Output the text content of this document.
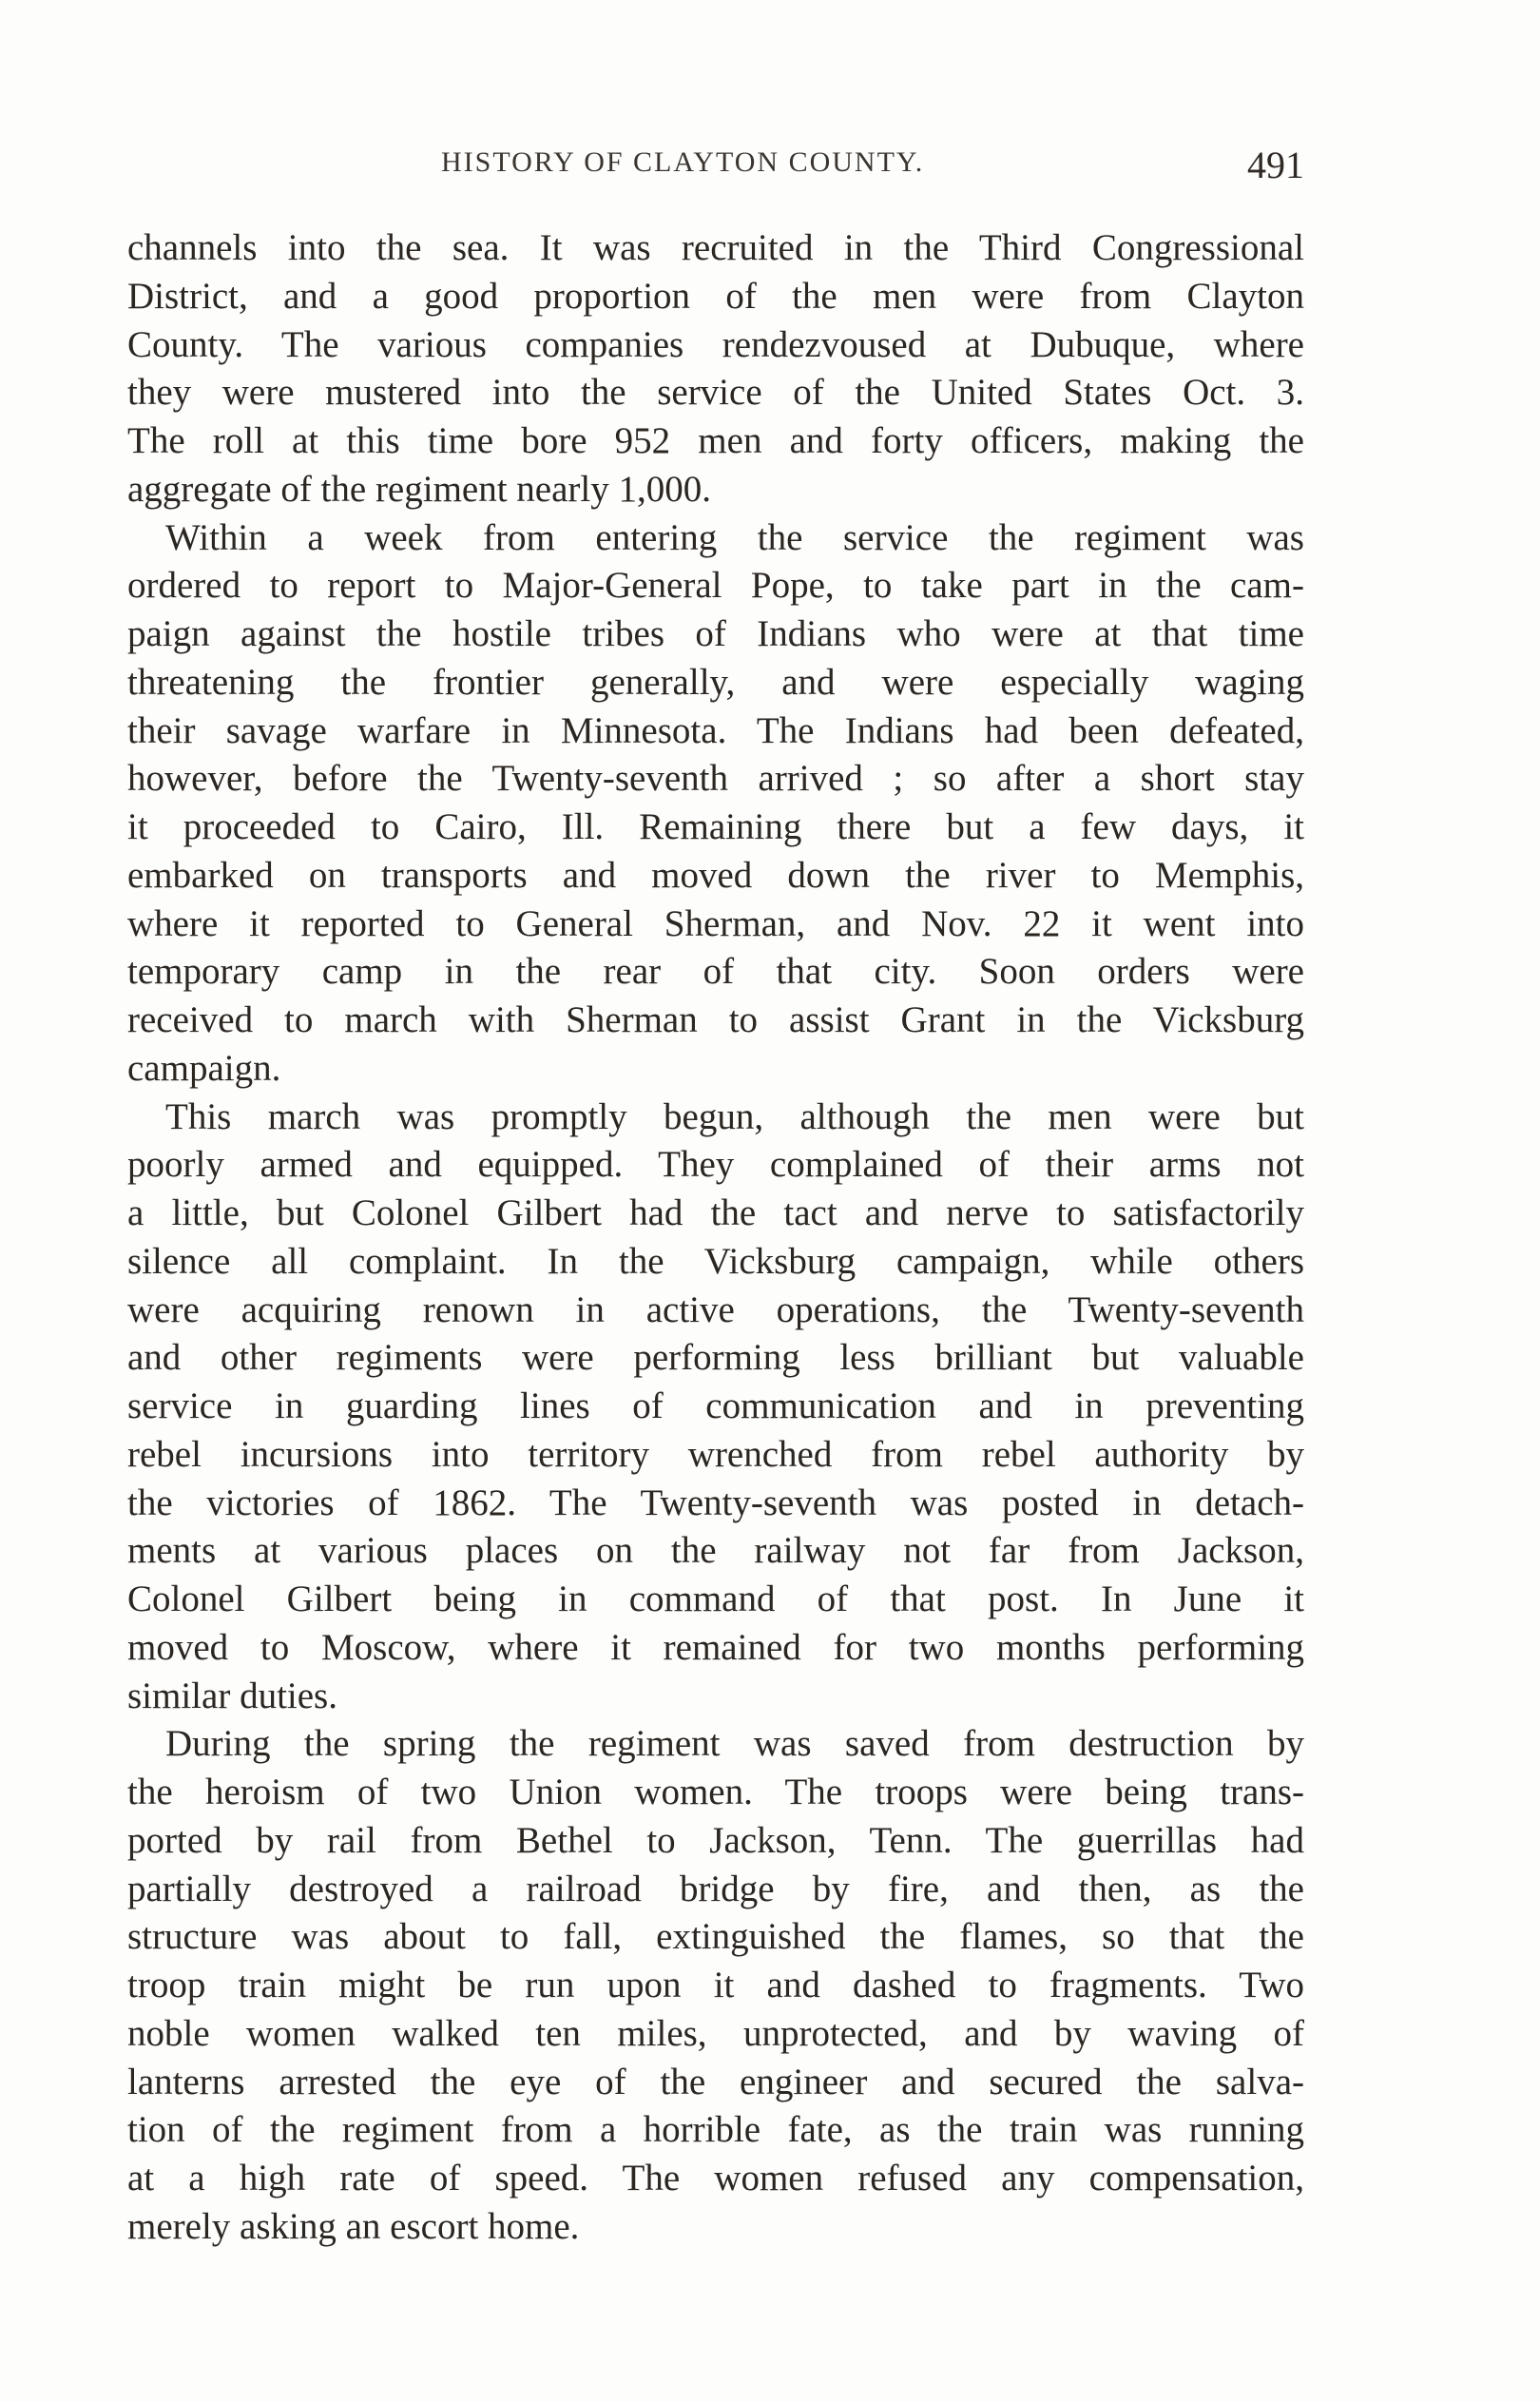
HISTORY OF CLAYTON COUNTY.	491
channels into the sea. It was recruited in the Third Congressional
District, and a good proportion of the men were from Clayton
County. The various companies rendezvoused at Dubuque, where
they were mustered into the service of the United States Oct. 3.
The roll at this time bore 952 men and forty officers, making the
aggregate of the regiment nearly 1,000.
Within a week from entering the service the regiment was
ordered to report to Major-General Pope, to take part in the cam-
paign against the hostile tribes of Indians who were at that time
threatening the frontier generally, and were especially waging
their savage warfare in Minnesota. The Indians had been defeated,
however, before the Twenty-seventh arrived ; so after a short stay
it proceeded to Cairo, Ill. Remaining there but a few days, it
embarked on transports and moved down the river to Memphis,
where it reported to General Sherman, and Nov. 22 it went into
temporary camp in the rear of that city. Soon orders were
received to march with Sherman to assist Grant in the Vicksburg
campaign.
This march was promptly begun, although the men were but
poorly armed and equipped. They complained of their arms not
a little, but Colonel Gilbert had the tact and nerve to satisfactorily
silence all complaint. In the Vicksburg campaign, while others
were acquiring renown in active operations, the Twenty-seventh
and other regiments were performing less brilliant but valuable
service in guarding lines of communication and in preventing
rebel incursions into territory wrenched from rebel authority by
the victories of 1862. The Twenty-seventh was posted in detach-
ments at various places on the railway not far from Jackson,
Colonel Gilbert being in command of that post. In June it
moved to Moscow, where it remained for two months performing
similar duties.
During the spring the regiment was saved from destruction by
the heroism of two Union women. The troops were being trans-
ported by rail from Bethel to Jackson, Tenn. The guerrillas had
partially destroyed a railroad bridge by fire, and then, as the
structure was about to fall, extinguished the flames, so that the
troop train might be run upon it and dashed to fragments. Two
noble women walked ten miles, unprotected, and by waving of
lanterns arrested the eye of the engineer and secured the salva-
tion of the regiment from a horrible fate, as the train was running
at a high rate of speed. The women refused any compensation,
merely asking an escort home.
